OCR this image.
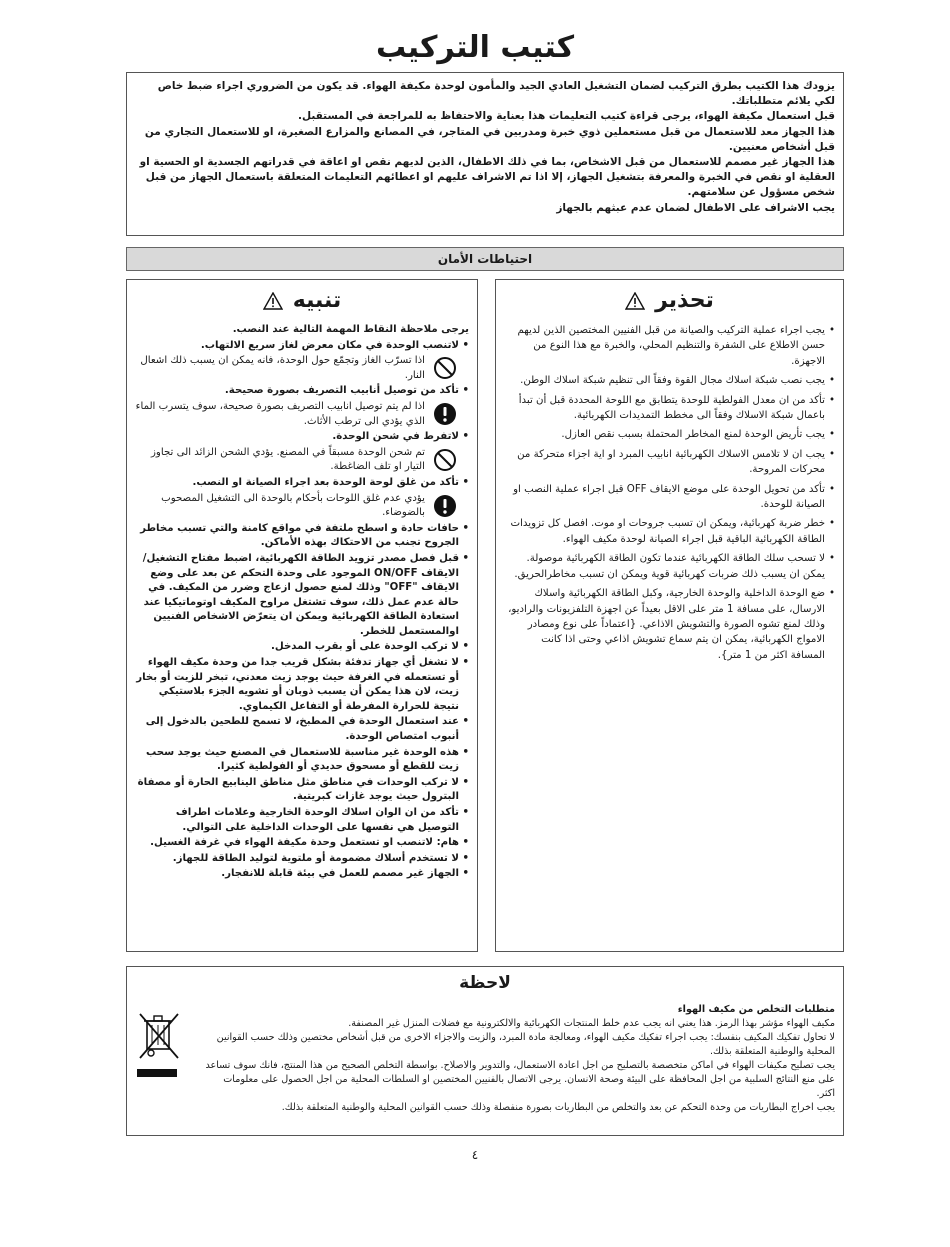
كتيب التركيب

يزودك هذا الكتيب بطرق التركيب لضمان التشغيل العادي الجيد والمأمون لوحدة مكيفة الهواء. قد يكون من الضروري اجراء ضبط خاص لكي يلائم متطلباتك.

قبل استعمال مكيفة الهواء، يرجى قراءة كتيب التعليمات هذا بعناية والاحتفاظ به للمراجعة في المستقبل.

هذا الجهاز معد للاستعمال من قبل مستعملين ذوي خبرة ومدربين في المتاجر، في المصانع والمزارع الصغيرة، او للاستعمال التجاري من قبل أشخاص معنيين.

هذا الجهاز غير مصمم للاستعمال من قبل الاشخاص، بما في ذلك الاطفال، الذين لديهم نقص او اعاقة في قدراتهم الجسدية او الحسية او العقلية او نقص في الخبرة والمعرفة بتشغيل الجهاز، إلا اذا تم الاشراف عليهم او اعطائهم التعليمات المتعلقة باستعمال الجهاز من قبل شخص مسؤول عن سلامتهم.

يجب الاشراف على الاطفال لضمان عدم عبثهم بالجهاز

احتياطات الأمان
تحذير
• يجب اجراء عملية التركيب والصيانة من قبل الفنيين المختصين الذين لديهم حسن الاطلاع على الشفرة والتنظيم المحلي، والخبرة مع هذا النوع من الاجهزة.
• يجب نصب شبكة اسلاك مجال القوة وفقاً الى تنظيم شبكة اسلاك الوطن.
• تأكد من ان معدل الفولطية للوحدة يتطابق مع اللوحة المحددة قبل أن تبدأ باعمال شبكة الاسلاك وفقاً الى مخطط التمديدات الكهربائية.
• يجب تأريض الوحدة لمنع المخاطر المحتملة بسبب نقص العازل.
• يجب ان لا تلامس الاسلاك الكهربائية انابيب المبرد او اية اجزاء متحركة من محركات المروحة.
• تأكد من تحويل الوحدة على موضع الايقاف OFF قبل اجراء عملية النصب او الصيانة للوحدة.
• خطر ضربة كهربائية، ويمكن ان تسبب جروحات او موت. افصل كل تزويدات الطاقة الكهربائية الباقية قبل اجراء الصيانة لوحدة مكيف الهواء.
• لا تسحب سلك الطاقة الكهربائية عندما تكون الطاقة الكهربائية موصولة. يمكن ان يسبب ذلك ضربات كهربائية قوية ويمكن ان تسبب مخاطرالحريق.
• ضع الوحدة الداخلية والوحدة الخارجية، وكبل الطاقة الكهربائية واسلاك الارسال، على مسافة 1 متر على الاقل بعيداً عن اجهزة التلفزيونات والراديو، وذلك لمنع تشوه الصورة والتشويش الاذاعي. {اعتماداً على نوع ومصادر الامواج الكهربائية، يمكن ان يتم سماع تشويش اذاعي وحتى اذا كانت المسافة اكثر من 1 متر}.
تنبيه
يرجى ملاحظة النقاط المهمة التالية عند النصب.
• لاتنصب الوحدة في مكان معرض لغاز سريع الالتهاب.
اذا تسرّب الغاز وتجمّع حول الوحدة، فانه يمكن ان يسبب ذلك اشعال النار.
• تأكد من توصيل أنابيب التصريف بصورة صحيحة.
اذا لم يتم توصيل انابيب التصريف بصورة صحيحة، سوف يتسرب الماء الذي يؤدي الى ترطب الأثاث.
• لاتفرط في شحن الوحدة.
تم شحن الوحدة مسبقاً في المصنع. يؤدي الشحن الزائد الى تجاوز التيار او تلف الضاغطة.
• تأكد من غلق لوحة الوحدة بعد اجراء الصيانة او النصب.
يؤدي عدم غلق اللوحات بأحكام بالوحدة الى التشغيل المصحوب بالضوضاء.
• حافات حادة و اسطح ملتفة في مواقع كامنة والتي تسبب مخاطر الجروح تجنب من الاحتكاك بهذه الأماكن.
• قبل فصل مصدر تزويد الطاقة الكهربائية، اضبط مفتاح التشغيل/ الايقاف ON/OFF الموجود على وحدة التحكم عن بعد على وضع الايقاف "OFF" وذلك لمنع حصول ازعاج وضرر من المكيف. في حالة عدم عمل ذلك، سوف تشتغل مراوح المكيف اوتوماتيكيا عند استعادة الطاقة الكهربائية ويمكن ان يتعرّض الاشخاص الفنيين اوالمستعمل للخطر.
• لا تركب الوحدة على أو بقرب المدخل.
• لا تشغل أي جهاز تدفئة بشكل قريب جدا من وحدة مكيف الهواء أو تستعمله في الغرفة حيث يوجد زيت معدني، تبخر للزيت أو بخار زيت، لان هذا يمكن أن يسبب ذوبان أو تشويه الجزء بلاستيكي نتيجة للحرارة المفرطة أو التفاعل الكيماوي.
• عند استعمال الوحدة في المطبخ، لا تسمح للطحين بالدخول إلى أنبوب امتصاص الوحدة.
• هذه الوحدة غير مناسبة للاستعمال في المصنع حيث يوجد سحب زيت للقطع أو مسحوق حديدي أو الفولطية كثيرا.
• لا تركب الوحدات في مناطق مثل مناطق الينابيع الحارة أو مصفاة البترول حيث يوجد غازات كبريتية.
• تأكد من ان الوان اسلاك الوحدة الخارجية وعلامات اطراف التوصيل هي نفسها على الوحدات الداخلية على التوالي.
• هام: لاتنصب او تستعمل وحدة مكيفة الهواء في غرفة الغسيل.
• لا تستخدم أسلاك مضمومة أو ملتوية لتوليد الطاقة للجهاز.
• الجهاز غير مصمم للعمل في بيئة قابلة للانفجار.
لاحظة

متطلبات التخلص من مكيف الهواء

مكيف الهواء مؤشر بهذا الرمز. هذا يعني انه يجب عدم خلط المنتجات الكهربائية والالكترونية مع فضلات المنزل غير المصنفة.

لا تحاول تفكيك المكيف بنفسك: يجب اجراء تفكيك مكيف الهواء، ومعالجة مادة المبرد، والزيت والاجزاء الاخرى من قبل أشخاص مختصين وذلك حسب القوانين المحلية والوطنية المتعلقة بذلك.

يجب تصليح مكيفات الهواء في اماكن متخصصة بالتصليح من اجل اعادة الاستعمال، والتدوير والاصلاح. بواسطة التخلص الصحيح من هذا المنتج، فانك سوف تساعد على منع النتائج السلبية من اجل المحافظة على البيئة وصحة الانسان. يرجى الاتصال بالفنيين المختصين او السلطات المحلية من اجل الحصول على معلومات اكثر.

يجب اخراج البطاريات من وحدة التحكم عن بعد والتخلص من البطاريات بصورة منفصلة وذلك حسب القوانين المحلية والوطنية المتعلقة بذلك.

٤
